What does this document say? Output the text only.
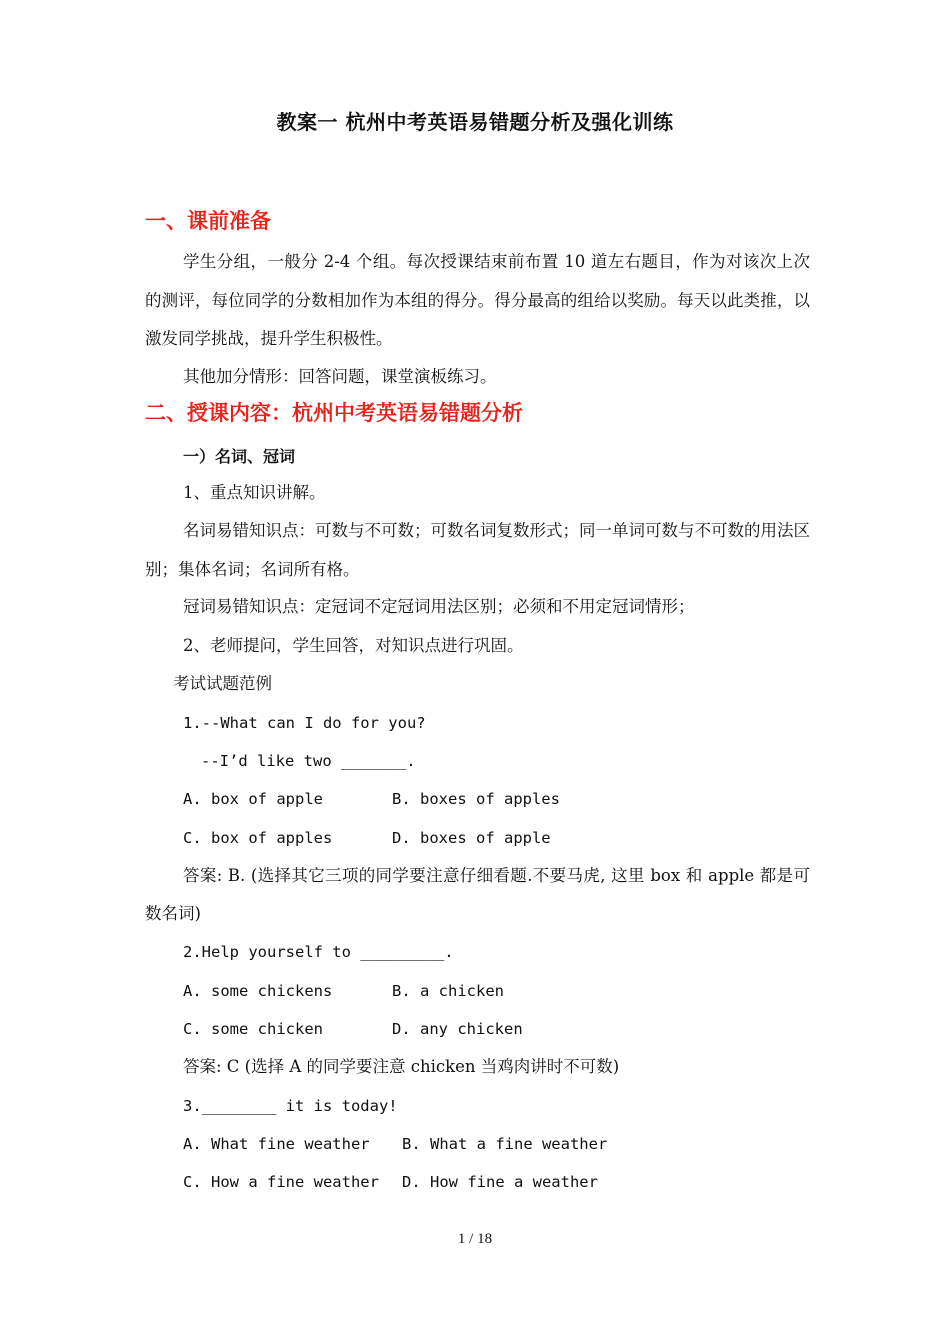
教案一 杭州中考英语易错题分析及强化训练
一、课前准备
学生分组，一般分 2-4 个组。每次授课结束前布置 10 道左右题目，作为对该次上次的测评，每位同学的分数相加作为本组的得分。得分最高的组给以奖励。每天以此类推，以激发同学挑战，提升学生积极性。
其他加分情形：回答问题，课堂演板练习。
二、授课内容：杭州中考英语易错题分析
一）名词、冠词
1、重点知识讲解。
名词易错知识点：可数与不可数；可数名词复数形式；同一单词可数与不可数的用法区别；集体名词；名词所有格。
冠词易错知识点：定冠词不定冠词用法区别；必须和不用定冠词情形；
2、老师提问，学生回答，对知识点进行巩固。
考试试题范例
1.--What can I do for you?
--I’d like two _______.
A. box of apple	B. boxes of apples
C. box of apples	D. boxes of apple
答案: B. (选择其它三项的同学要注意仔细看题.不要马虎, 这里 box 和 apple 都是可数名词)
2.Help yourself to _________.
A. some chickens	B. a chicken
C. some chicken	D. any chicken
答案: C (选择 A 的同学要注意 chicken 当鸡肉讲时不可数)
3.________ it is today!
A. What fine weather B. What a fine weather
C. How a fine weather D. How fine a weather
1 / 18
